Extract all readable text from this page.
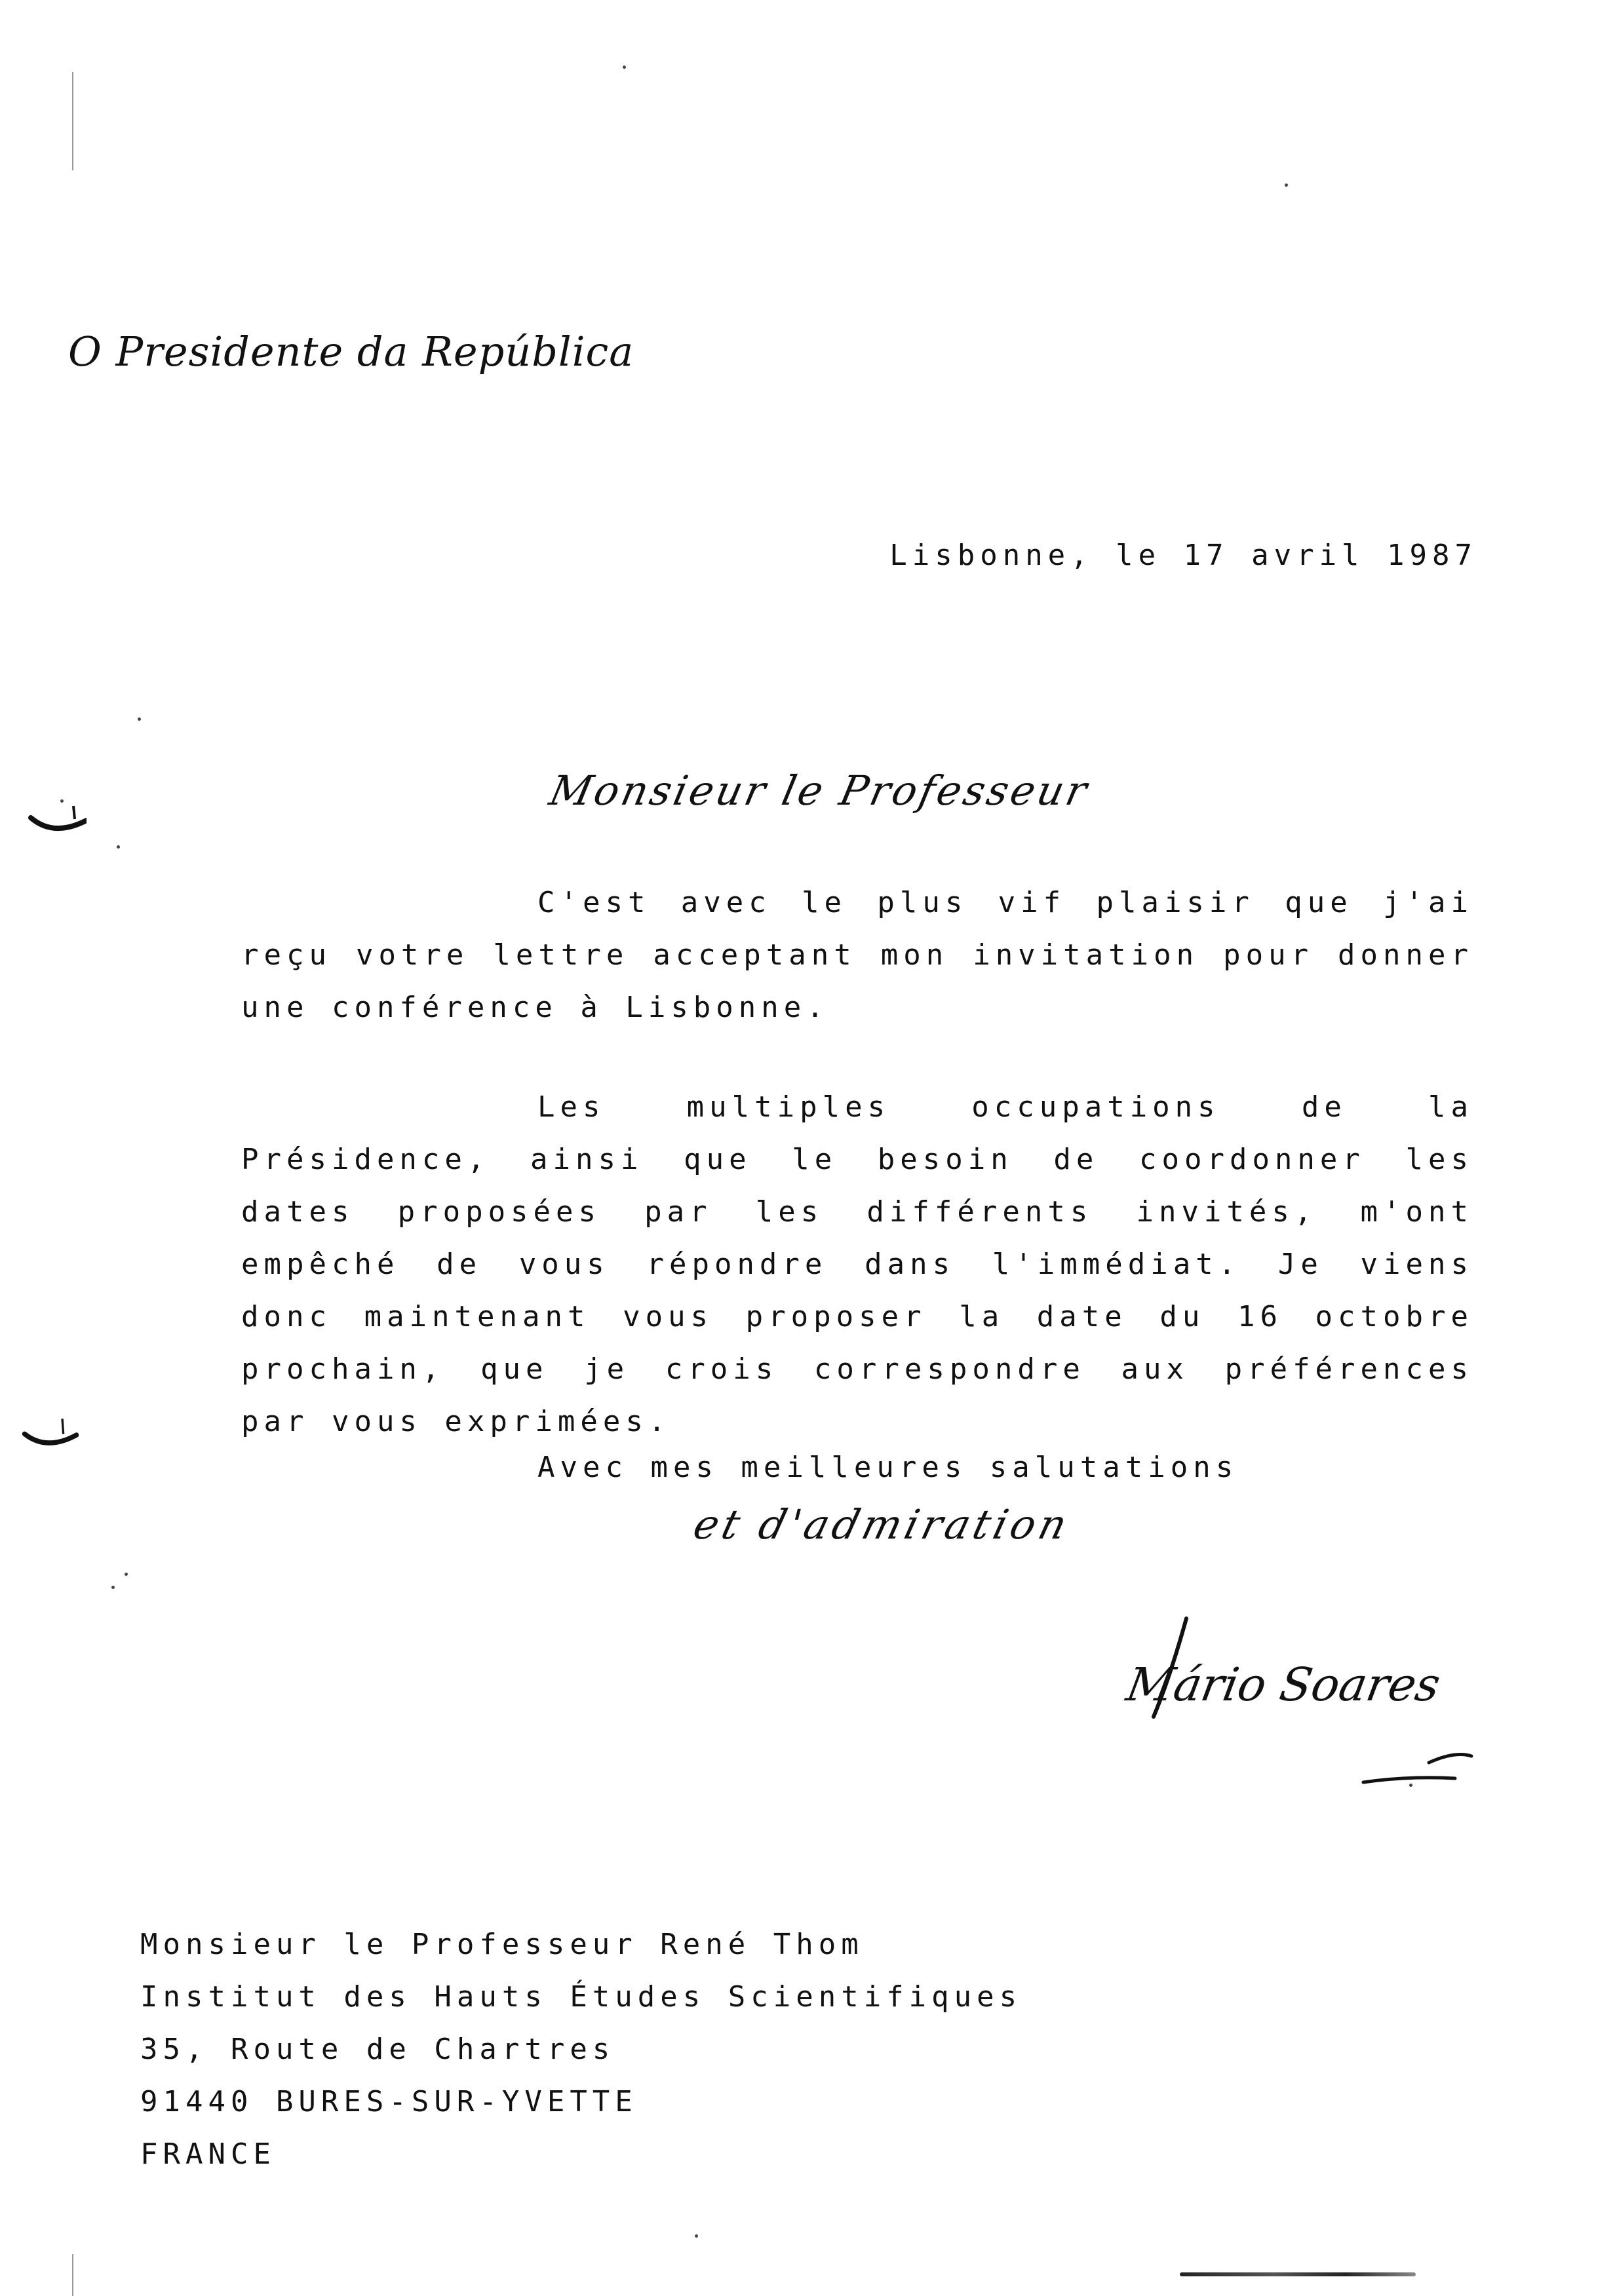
O Presidente da República
Lisbonne, le 17 avril 1987
Monsieur le Professeur
C'est avec le plus vif plaisir que j'ai reçu votre lettre acceptant mon invitation pour donner une conférence à Lisbonne.
Les multiples occupations de la Présidence, ainsi que le besoin de coordonner les dates proposées par les différents invités, m'ont empêché de vous répondre dans l'immédiat. Je viens donc maintenant vous proposer la date du 16 octobre prochain, que je crois correspondre aux préférences par vous exprimées.
Avec mes meilleures salutations
et d'admiration
Mário Soares
Monsieur le Professeur René Thom
Institut des Hauts Études Scientifiques
35, Route de Chartres
91440 BURES-SUR-YVETTE
FRANCE
